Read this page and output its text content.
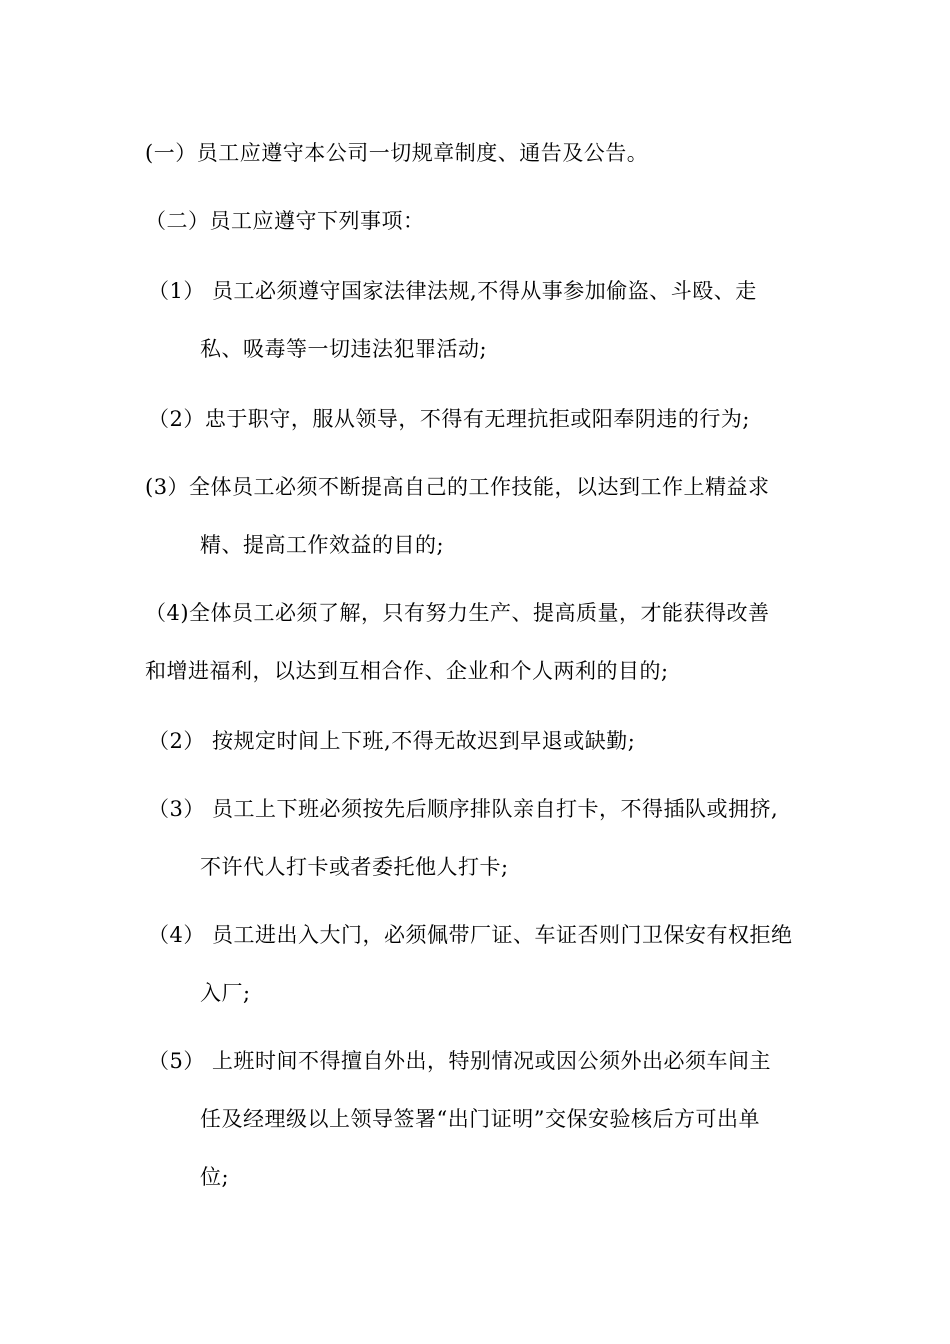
(一）员工应遵守本公司一切规章制度、通告及公告。
（二）员工应遵守下列事项：
（1） 员工必须遵守国家法律法规,不得从事参加偷盗、斗殴、走
私、吸毒等一切违法犯罪活动;
（2）忠于职守，服从领导，不得有无理抗拒或阳奉阴违的行为;
(3）全体员工必须不断提高自己的工作技能，以达到工作上精益求
精、提高工作效益的目的;
（4)全体员工必须了解，只有努力生产、提高质量，才能获得改善
和增进福利，以达到互相合作、企业和个人两利的目的;
（2） 按规定时间上下班,不得无故迟到早退或缺勤;
（3） 员工上下班必须按先后顺序排队亲自打卡，不得插队或拥挤,
不许代人打卡或者委托他人打卡;
（4） 员工进出入大门，必须佩带厂证、车证否则门卫保安有权拒绝
入厂;
（5） 上班时间不得擅自外出，特别情况或因公须外出必须车间主
任及经理级以上领导签署“出门证明”交保安验核后方可出单
位;
